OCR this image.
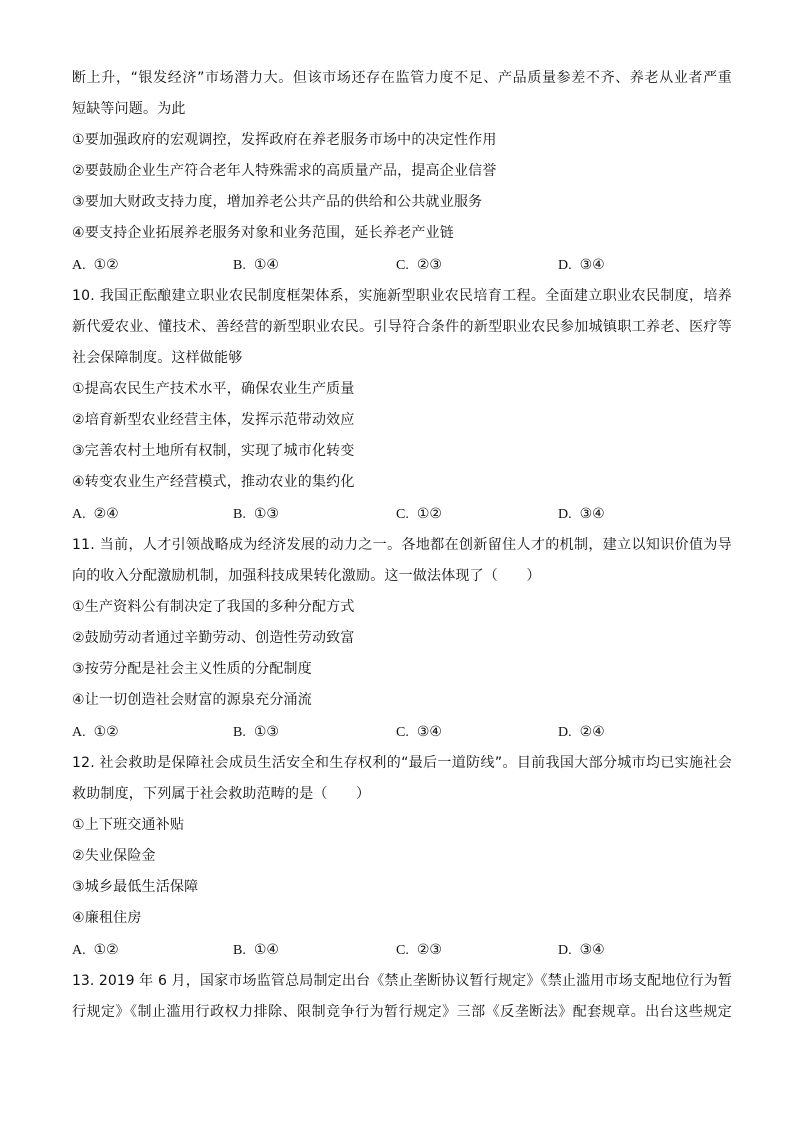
断上升，“银发经济”市场潜力大。但该市场还存在监管力度不足、产品质量参差不齐、养老从业者严重
短缺等问题。为此
①要加强政府的宏观调控，发挥政府在养老服务市场中的决定性作用
②要鼓励企业生产符合老年人特殊需求的高质量产品，提高企业信誉
③要加大财政支持力度，增加养老公共产品的供给和公共就业服务
④要支持企业拓展养老服务对象和业务范围，延长养老产业链
A. ①②	B. ①④	C. ②③	D. ③④
10. 我国正酝酿建立职业农民制度框架体系，实施新型职业农民培育工程。全面建立职业农民制度，培养
新代爱农业、懂技术、善经营的新型职业农民。引导符合条件的新型职业农民参加城镇职工养老、医疗等
社会保障制度。这样做能够
①提高农民生产技术水平，确保农业生产质量
②培育新型农业经营主体，发挥示范带动效应
③完善农村土地所有权制，实现了城市化转变
④转变农业生产经营模式，推动农业的集约化
A. ②④	B. ①③	C. ①②	D. ③④
11. 当前，人才引领战略成为经济发展的动力之一。各地都在创新留住人才的机制，建立以知识价值为导
向的收入分配激励机制，加强科技成果转化激励。这一做法体现了（　　）
①生产资料公有制决定了我国的多种分配方式
②鼓励劳动者通过辛勤劳动、创造性劳动致富
③按劳分配是社会主义性质的分配制度
④让一切创造社会财富的源泉充分涌流
A. ①②	B. ①③	C. ③④	D. ②④
12. 社会救助是保障社会成员生活安全和生存权利的“最后一道防线”。目前我国大部分城市均已实施社会
救助制度，下列属于社会救助范畴的是（　　）
①上下班交通补贴
②失业保险金
③城乡最低生活保障
④廉租住房
A. ①②	B. ①④	C. ②③	D. ③④
13. 2019 年 6 月，国家市场监管总局制定出台《禁止垄断协议暂行规定》《禁止滥用市场支配地位行为暂
行规定》《制止滥用行政权力排除、限制竞争行为暂行规定》三部《反垄断法》配套规章。出台这些规定
